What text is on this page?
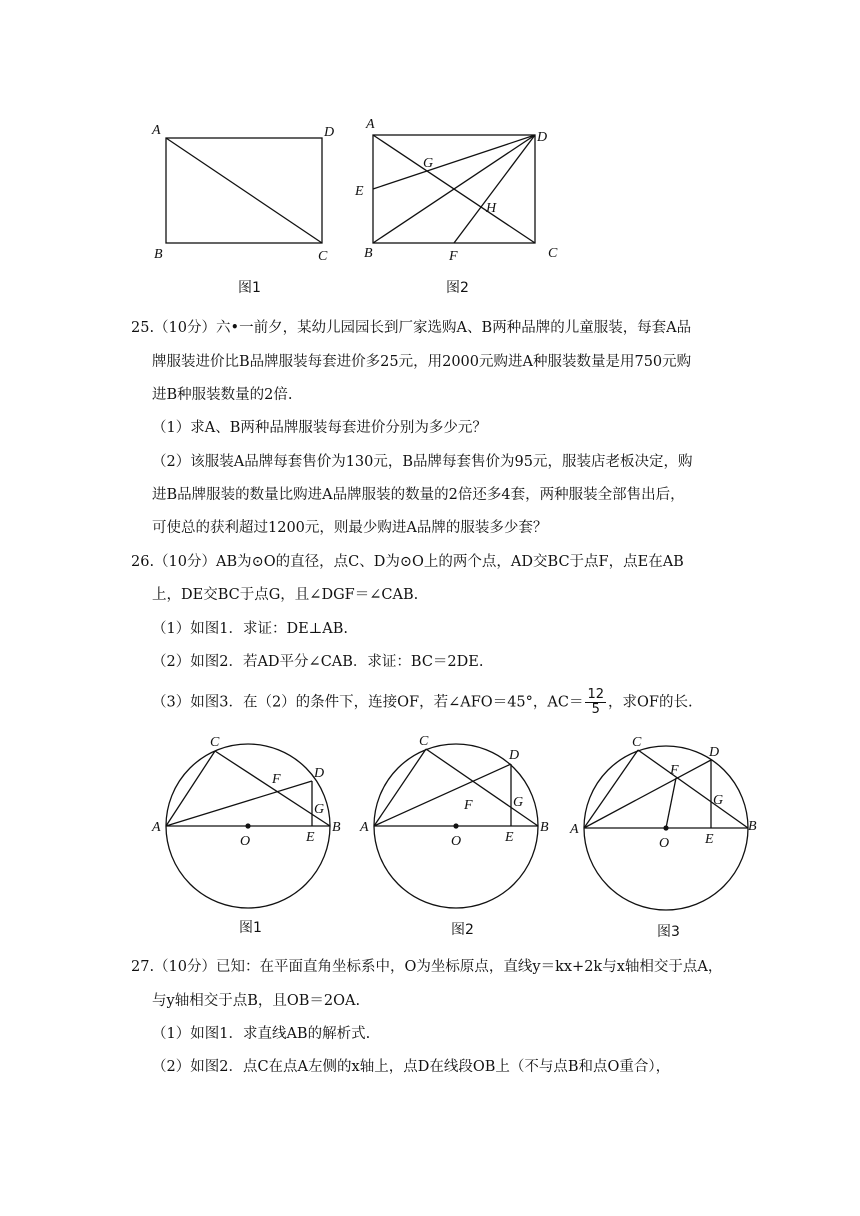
A	D
B	C
图1
A
D
E
G
H
B	F	C
图2
25.（10分）六•一前夕，某幼儿园园长到厂家选购A、B两种品牌的儿童服装，每套A品
牌服装进价比B品牌服装每套进价多25元，用2000元购进A种服装数量是用750元购
进B种服装数量的2倍.
（1）求A、B两种品牌服装每套进价分别为多少元？
（2）该服装A品牌每套售价为130元，B品牌每套售价为95元，服装店老板决定，购
进B品牌服装的数量比购进A品牌服装的数量的2倍还多4套，两种服装全部售出后，
可使总的获利超过1200元，则最少购进A品牌的服装多少套？
26.（10分）AB为⊙O的直径，点C、D为⊙O上的两个点，AD交BC于点F，点E在AB
上，DE交BC于点G，且∠DGF＝∠CAB.
（1）如图1．求证：DE⊥AB.
（2）如图2．若AD平分∠CAB．求证：BC＝2DE.
（3）如图3．在（2）的条件下，连接OF，若∠AFO＝45°，$AC= \frac{12}{5}$ ，求OF的长.
C
D
F
G
A	B
O	E
图1
C
D
F	G
A	B
O	E
图2
C
D
F
G
A	B
O	E
图3
27.（10分）已知：在平面直角坐标系中，O为坐标原点，直线y＝kx+2k与x轴相交于点A，
与y轴相交于点B，且OB＝2OA.
（1）如图1．求直线AB的解析式.
（2）如图2．点C在点A左侧的x轴上，点D在线段OB上（不与点B和点O重合），
